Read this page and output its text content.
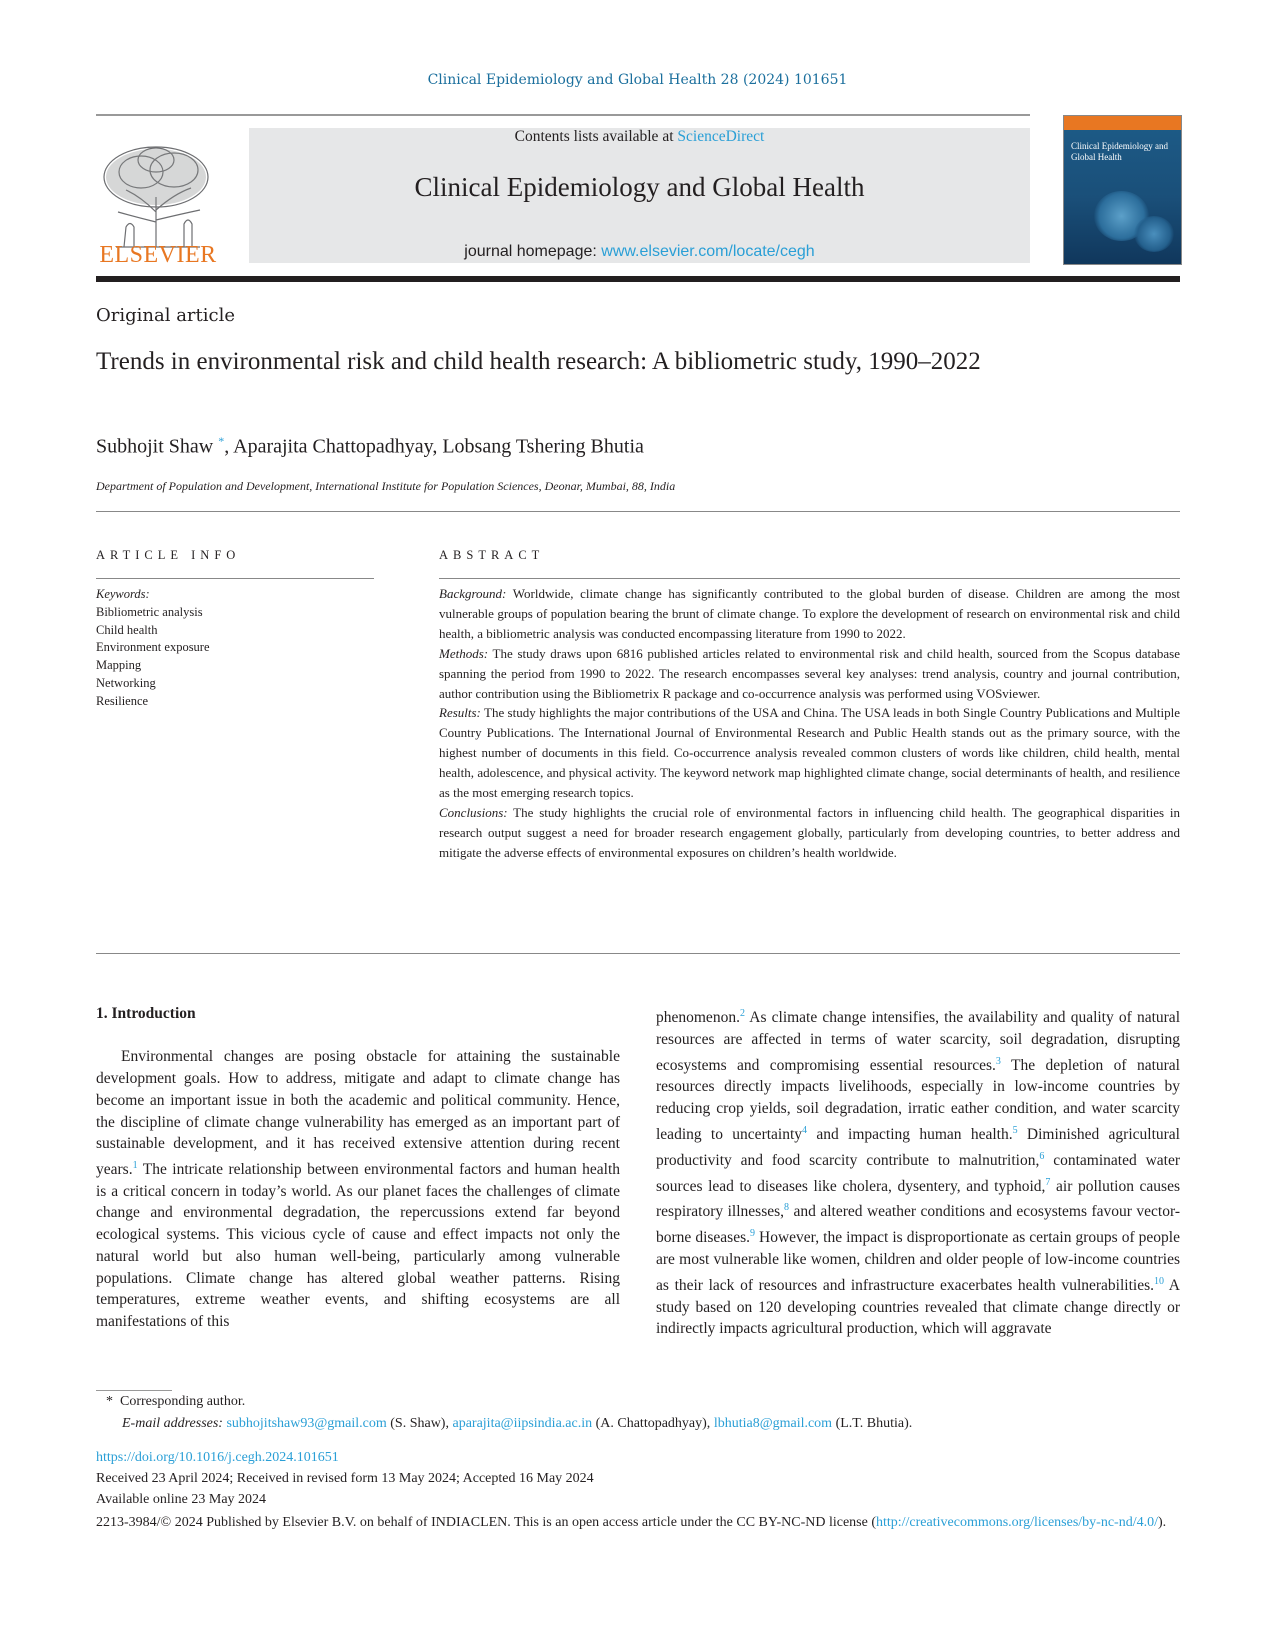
Clinical Epidemiology and Global Health 28 (2024) 101651
ELSEVIER
Contents lists available at ScienceDirect
Clinical Epidemiology and Global Health
journal homepage: www.elsevier.com/locate/cegh
Clinical Epidemiology and Global Health
Original article
Trends in environmental risk and child health research: A bibliometric study, 1990–2022
Subhojit Shaw *, Aparajita Chattopadhyay, Lobsang Tshering Bhutia
Department of Population and Development, International Institute for Population Sciences, Deonar, Mumbai, 88, India
ARTICLE INFO
Keywords:
Bibliometric analysis
Child health
Environment exposure
Mapping
Networking
Resilience
ABSTRACT

Background: Worldwide, climate change has significantly contributed to the global burden of disease. Children are among the most vulnerable groups of population bearing the brunt of climate change. To explore the development of research on environmental risk and child health, a bibliometric analysis was conducted encompassing literature from 1990 to 2022.

Methods: The study draws upon 6816 published articles related to environmental risk and child health, sourced from the Scopus database spanning the period from 1990 to 2022. The research encompasses several key analyses: trend analysis, country and journal contribution, author contribution using the Bibliometrix R package and co-occurrence analysis was performed using VOSviewer.

Results: The study highlights the major contributions of the USA and China. The USA leads in both Single Country Publications and Multiple Country Publications. The International Journal of Environmental Research and Public Health stands out as the primary source, with the highest number of documents in this field. Co-occurrence analysis revealed common clusters of words like children, child health, mental health, adolescence, and physical activity. The keyword network map highlighted climate change, social determinants of health, and resilience as the most emerging research topics.

Conclusions: The study highlights the crucial role of environmental factors in influencing child health. The geographical disparities in research output suggest a need for broader research engagement globally, particularly from developing countries, to better address and mitigate the adverse effects of environmental exposures on children’s health worldwide.

1. Introduction

Environmental changes are posing obstacle for attaining the sustainable development goals. How to address, mitigate and adapt to climate change has become an important issue in both the academic and political community. Hence, the discipline of climate change vulnerability has emerged as an important part of sustainable development, and it has received extensive attention during recent years.$^1$ The intricate relationship between environmental factors and human health is a critical concern in today’s world. As our planet faces the challenges of climate change and environmental degradation, the repercussions extend far beyond ecological systems. This vicious cycle of cause and effect impacts not only the natural world but also human well-being, particularly among vulnerable populations. Climate change has altered global weather patterns. Rising temperatures, extreme weather events, and shifting ecosystems are all manifestations of this

phenomenon.$^2$ As climate change intensifies, the availability and quality of natural resources are affected in terms of water scarcity, soil degradation, disrupting ecosystems and compromising essential resources.$^3$ The depletion of natural resources directly impacts livelihoods, especially in low-income countries by reducing crop yields, soil degradation, irratic eather condition, and water scarcity leading to uncertainty$^4$ and impacting human health.$^5$ Diminished agricultural productivity and food scarcity contribute to malnutrition,$^6$ contaminated water sources lead to diseases like cholera, dysentery, and typhoid,$^7$ air pollution causes respiratory illnesses,$^8$ and altered weather conditions and ecosystems favour vector-borne diseases.$^9$ However, the impact is disproportionate as certain groups of people are most vulnerable like women, children and older people of low-income countries as their lack of resources and infrastructure exacerbates health vulnerabilities.$^{10}$ A study based on 120 developing countries revealed that climate change directly or indirectly impacts agricultural production, which will aggravate

* Corresponding author.
E-mail addresses: subhojitshaw93@gmail.com (S. Shaw), aparajita@iipsindia.ac.in (A. Chattopadhyay), lbhutia8@gmail.com (L.T. Bhutia).
https://doi.org/10.1016/j.cegh.2024.101651
Received 23 April 2024; Received in revised form 13 May 2024; Accepted 16 May 2024
Available online 23 May 2024
2213-3984/© 2024 Published by Elsevier B.V. on behalf of INDIACLEN. This is an open access article under the CC BY-NC-ND license (http://creativecommons.org/licenses/by-nc-nd/4.0/).
